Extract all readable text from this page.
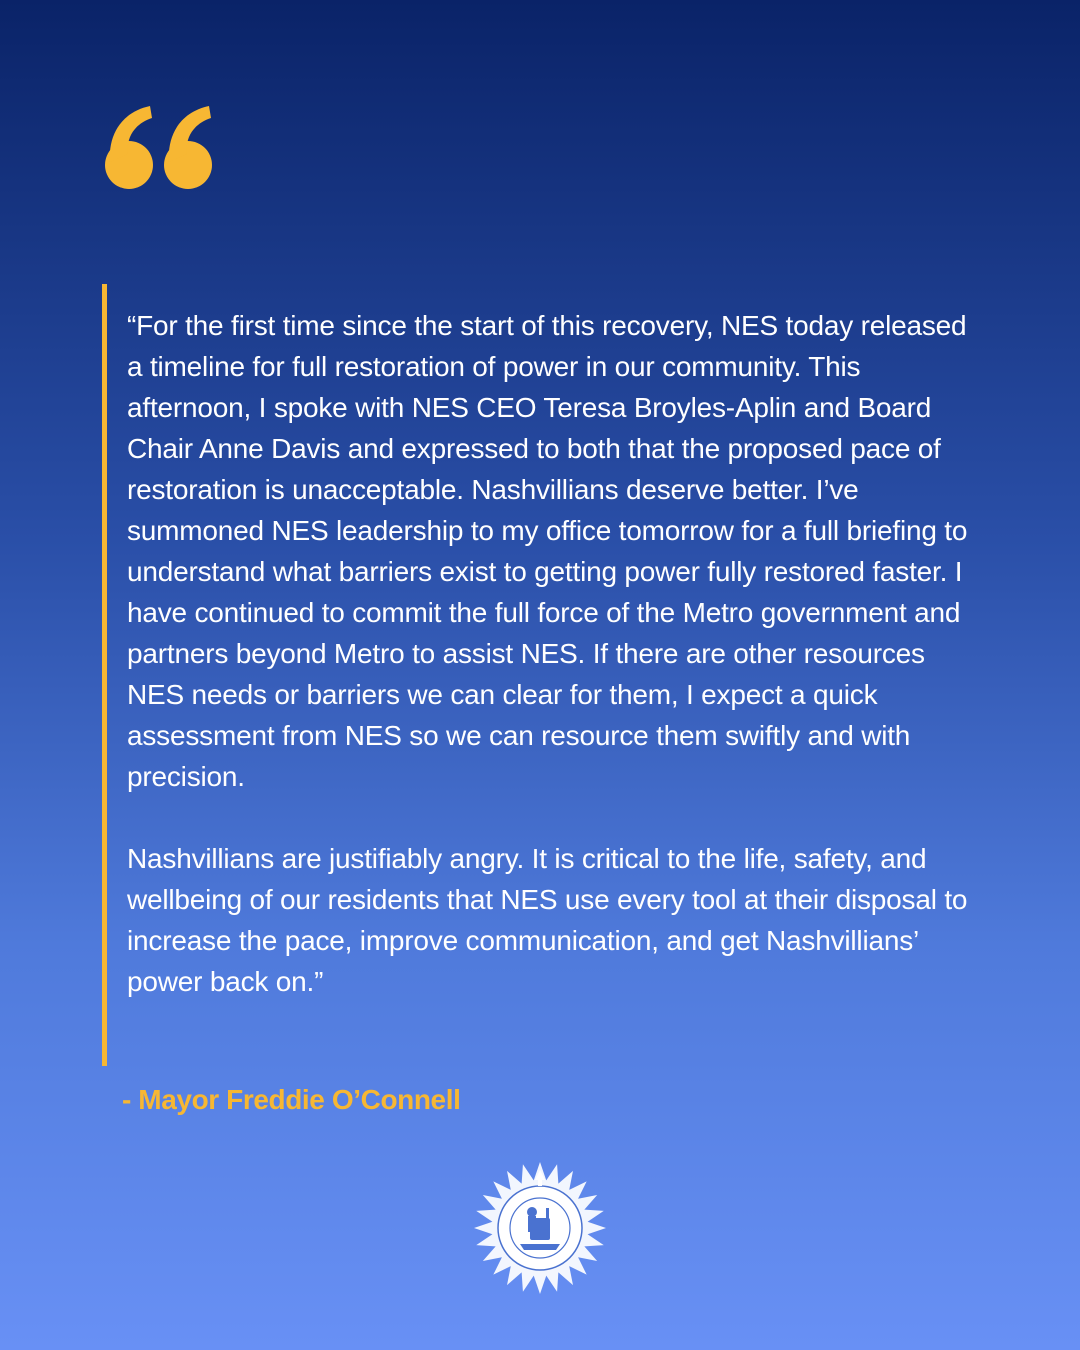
“For the first time since the start of this recovery, NES today released a timeline for full restoration of power in our community. This afternoon, I spoke with NES CEO Teresa Broyles-Aplin and Board Chair Anne Davis and expressed to both that the proposed pace of restoration is unacceptable. Nashvillians deserve better. I’ve summoned NES leadership to my office tomorrow for a full briefing to understand what barriers exist to getting power fully restored faster. I have continued to commit the full force of the Metro government and partners beyond Metro to assist NES. If there are other resources NES needs or barriers we can clear for them, I expect a quick assessment from NES so we can resource them swiftly and with precision.

Nashvillians are justifiably angry. It is critical to the life, safety, and wellbeing of our residents that NES use every tool at their disposal to increase the pace, improve communication, and get Nashvillians’ power back on.”

- Mayor Freddie O’Connell
